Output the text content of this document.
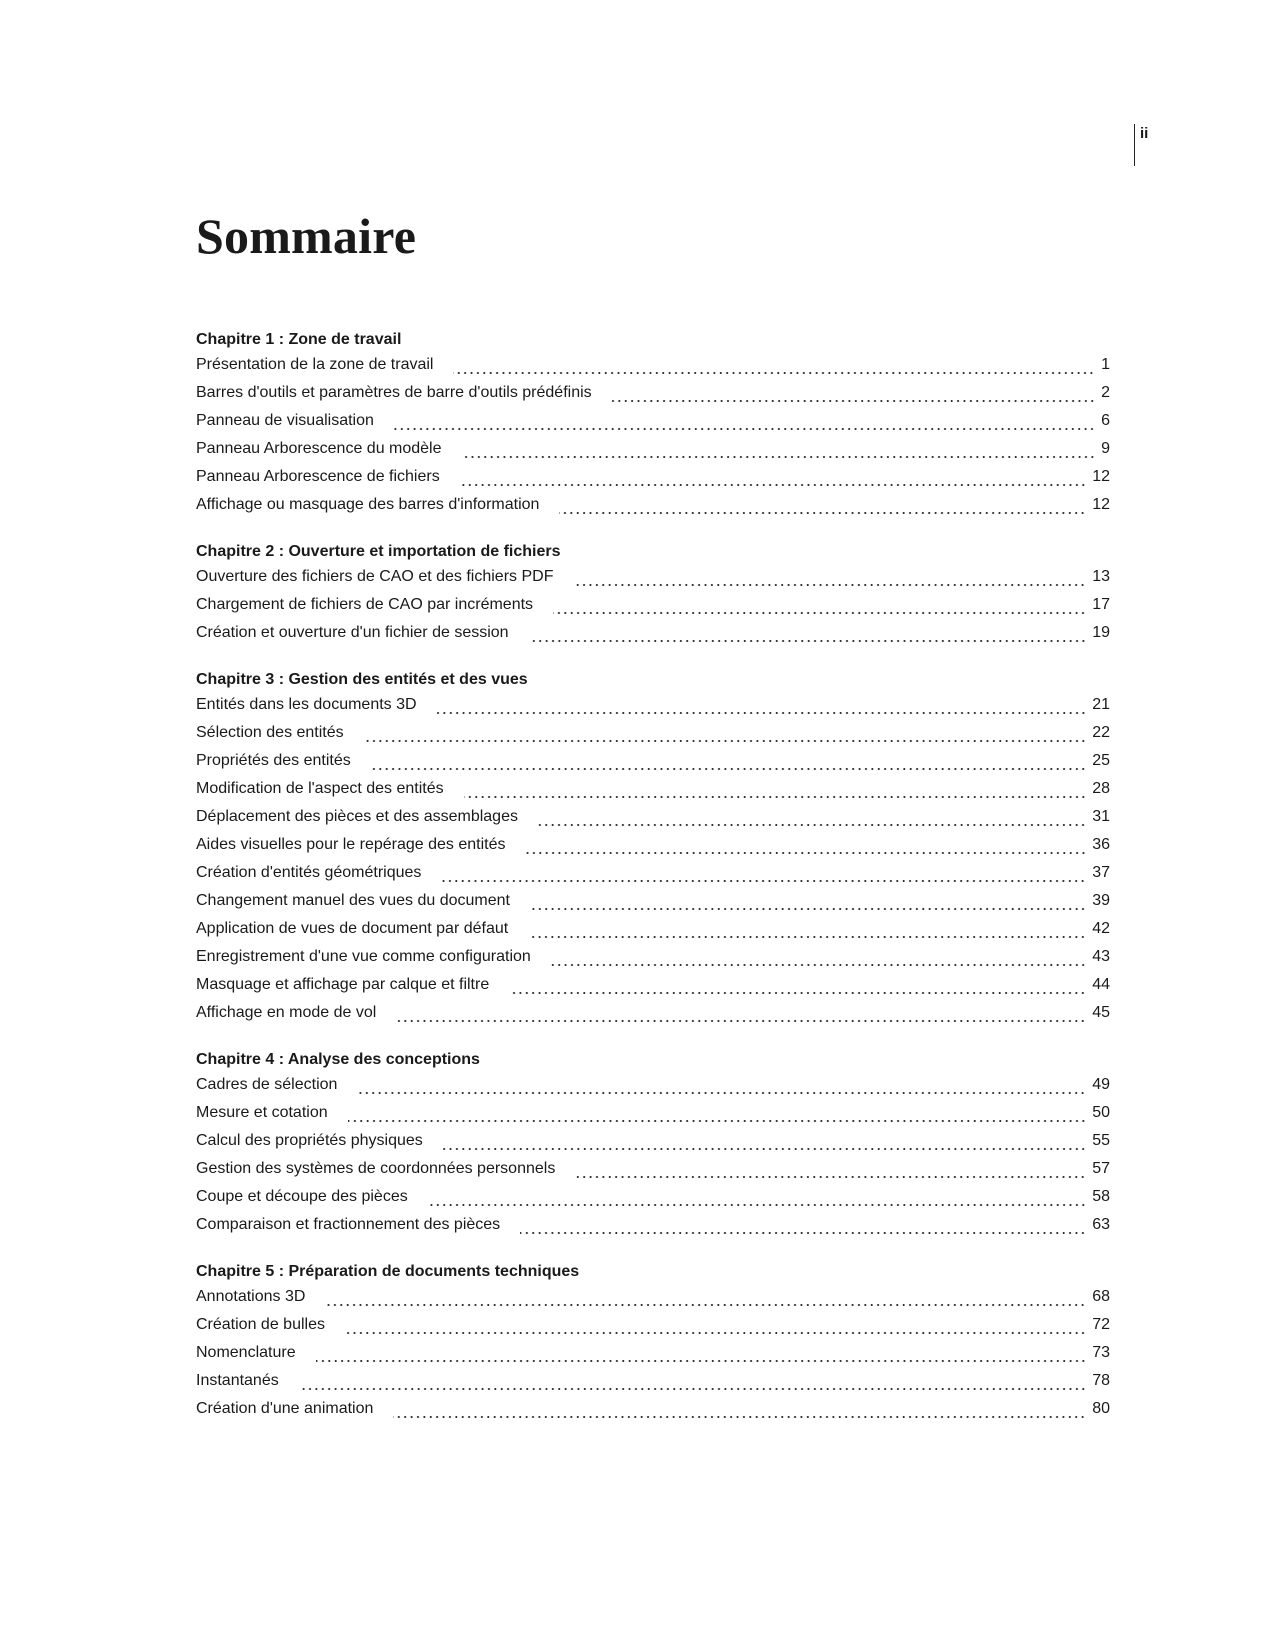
ii
Sommaire
Chapitre 1 : Zone de travail
Présentation de la zone de travail	1
Barres d'outils et paramètres de barre d'outils prédéfinis	2
Panneau de visualisation	6
Panneau Arborescence du modèle	9
Panneau Arborescence de fichiers	12
Affichage ou masquage des barres d'information	12
Chapitre 2 : Ouverture et importation de fichiers
Ouverture des fichiers de CAO et des fichiers PDF	13
Chargement de fichiers de CAO par incréments	17
Création et ouverture d'un fichier de session	19
Chapitre 3 : Gestion des entités et des vues
Entités dans les documents 3D	21
Sélection des entités	22
Propriétés des entités	25
Modification de l'aspect des entités	28
Déplacement des pièces et des assemblages	31
Aides visuelles pour le repérage des entités	36
Création d'entités géométriques	37
Changement manuel des vues du document	39
Application de vues de document par défaut	42
Enregistrement d'une vue comme configuration	43
Masquage et affichage par calque et filtre	44
Affichage en mode de vol	45
Chapitre 4 : Analyse des conceptions
Cadres de sélection	49
Mesure et cotation	50
Calcul des propriétés physiques	55
Gestion des systèmes de coordonnées personnels	57
Coupe et découpe des pièces	58
Comparaison et fractionnement des pièces	63
Chapitre 5 : Préparation de documents techniques
Annotations 3D	68
Création de bulles	72
Nomenclature	73
Instantanés	78
Création d'une animation	80
